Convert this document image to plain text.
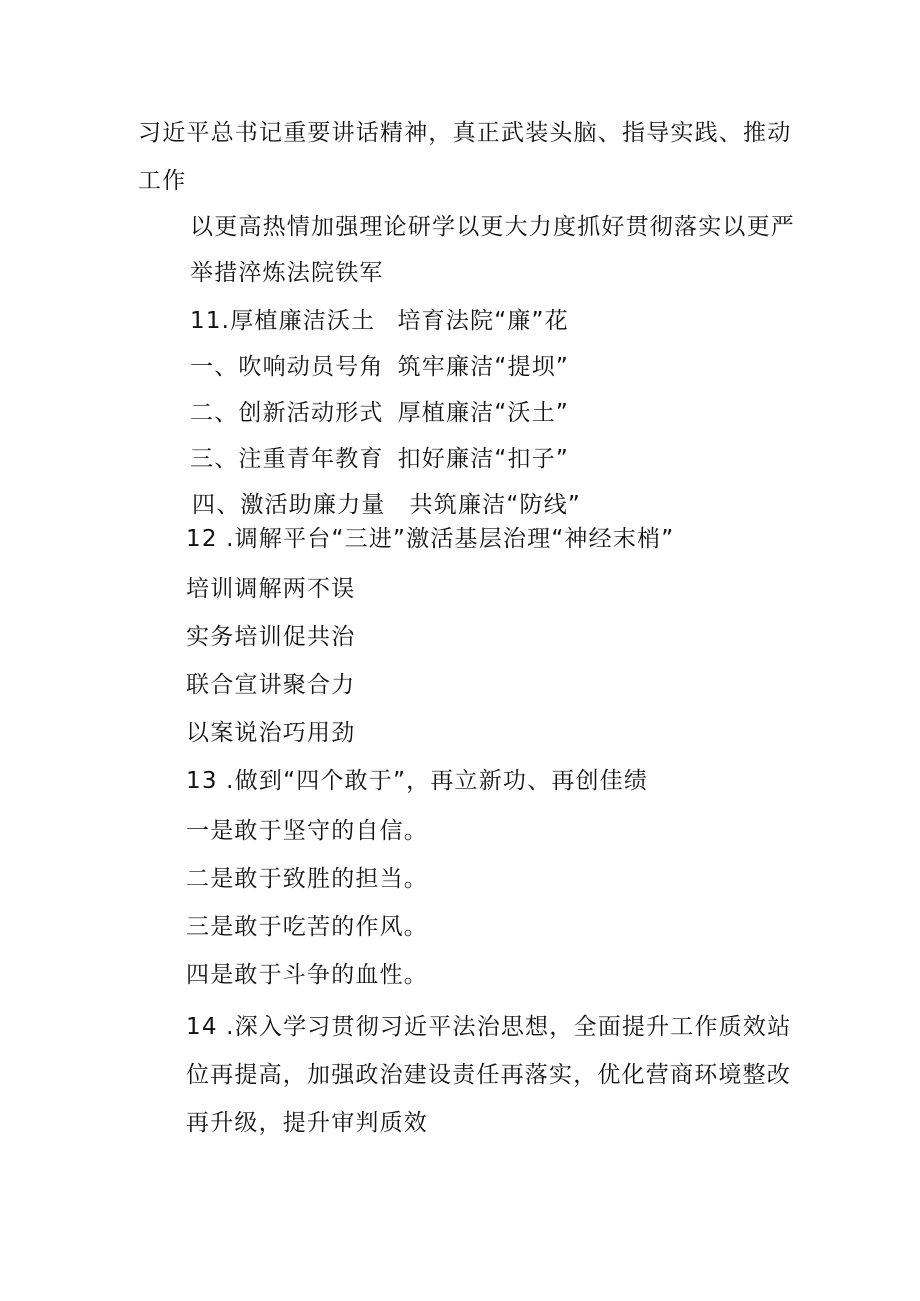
习近平总书记重要讲话精神，真正武装头脑、指导实践、推动
工作
以更高热情加强理论研学以更大力度抓好贯彻落实以更严
举措淬炼法院铁军
11.厚植廉洁沃土 培育法院“廉”花
一、吹响动员号角 筑牢廉洁“提坝”
二、创新活动形式 厚植廉洁“沃土”
三、注重青年教育 扣好廉洁“扣子”
四、激活助廉力量 共筑廉洁“防线”
12 .调解平台“三进”激活基层治理“神经末梢”
培训调解两不误
实务培训促共治
联合宣讲聚合力
以案说治巧用劲
13 .做到“四个敢于”，再立新功、再创佳绩
一是敢于坚守的自信。
二是敢于致胜的担当。
三是敢于吃苦的作风。
四是敢于斗争的血性。
14 .深入学习贯彻习近平法治思想，全面提升工作质效站
位再提高，加强政治建设责任再落实，优化营商环境整改
再升级，提升审判质效
